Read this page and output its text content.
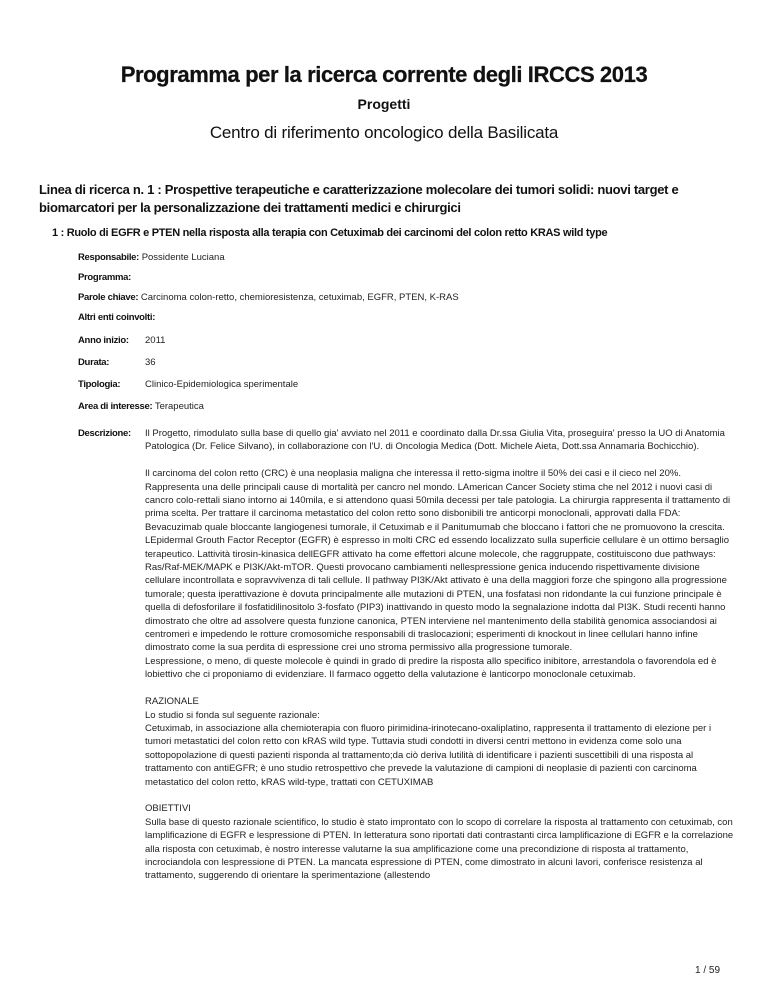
Programma per la ricerca corrente degli IRCCS 2013
Progetti
Centro di riferimento oncologico della Basilicata
Linea di ricerca n. 1 : Prospettive terapeutiche e caratterizzazione molecolare dei tumori solidi: nuovi target e biomarcatori per la personalizzazione dei trattamenti medici e chirurgici
1 : Ruolo di EGFR e PTEN nella risposta alla terapia con Cetuximab dei carcinomi del colon retto KRAS wild type
Responsabile: Possidente Luciana
Programma:
Parole chiave: Carcinoma colon-retto, chemioresistenza, cetuximab, EGFR, PTEN, K-RAS
Altri enti coinvolti:
Anno inizio: 2011
Durata:	36
Tipologia:	Clinico-Epidemiologica sperimentale
Area di interesse: Terapeutica
Descrizione: Il Progetto, rimodulato sulla base di quello gia' avviato nel 2011 e coordinato dalla Dr.ssa Giulia Vita, proseguira' presso la UO di Anatomia Patologica (Dr. Felice Silvano), in collaborazione con l'U. di Oncologia Medica (Dott. Michele Aieta, Dott.ssa Annamaria Bochicchio).

Il carcinoma del colon retto (CRC) è una neoplasia maligna che interessa il retto-sigma inoltre il 50% dei casi e il cieco nel 20%. Rappresenta una delle principali cause di mortalità per cancro nel mondo. LAmerican Cancer Society stima che nel 2012 i nuovi casi di cancro colo-rettali siano intorno ai 140mila, e si attendono quasi 50mila decessi per tale patologia. La chirurgia rappresenta il trattamento di prima scelta. Per trattare il carcinoma metastatico del colon retto sono disbonibili tre anticorpi monoclonali, approvati dalla FDA: Bevacuzimab quale bloccante langiogenesi tumorale, il Cetuximab e il Panitumumab che bloccano i fattori che ne promuovono la crescita.
LEpidermal Grouth Factor Receptor (EGFR) è espresso in molti CRC ed essendo localizzato sulla superficie cellulare è un ottimo bersaglio terapeutico. Lattività tirosin-kinasica dellEGFR attivato ha come effettori alcune molecole, che raggruppate, costituiscono due pathways: Ras/Raf-MEK/MAPK e PI3K/Akt-mTOR. Questi provocano cambiamenti nellespressione genica inducendo rispettivamente divisione cellulare incontrollata e sopravvivenza di tali cellule. Il pathway PI3K/Akt attivato è una della maggiori forze che spingono alla progressione tumorale; questa iperattivazione è dovuta principalmente alle mutazioni di PTEN, una fosfatasi non ridondante la cui funzione principale è quella di defosforilare il fosfatidilinositolo 3-fosfato (PIP3) inattivando in questo modo la segnalazione indotta dal PI3K. Studi recenti hanno dimostrato che oltre ad assolvere questa funzione canonica, PTEN interviene nel mantenimento della stabilità genomica associandosi ai centromeri e impedendo le rotture cromosomiche responsabili di traslocazioni; esperimenti di knockout in linee cellulari hanno infine dimostrato come la sua perdita di espressione crei uno stroma permissivo alla progressione tumorale.
Lespressione, o meno, di queste molecole è quindi in grado di predire la risposta allo specifico inibitore, arrestandola o favorendola ed è lobiettivo che ci proponiamo di evidenziare. Il farmaco oggetto della valutazione è lanticorpo monoclonale cetuximab.

RAZIONALE
Lo studio si fonda sul seguente razionale:
Cetuximab, in associazione alla chemioterapia con fluoro pirimidina-irinotecano-oxaliplatino, rappresenta il trattamento di elezione per i tumori metastatici del colon retto con kRAS wild type. Tuttavia studi condotti in diversi centri mettono in evidenza come solo una sottopopolazione di questi pazienti risponda al trattamento;da ciò deriva lutilità di identificare i pazienti suscettibili di una risposta al trattamento con antiEGFR; è uno studio retrospettivo che prevede la valutazione di campioni di neoplasie di pazienti con carcinoma metastatico del colon retto, kRAS wild-type, trattati con CETUXIMAB

OBIETTIVI
Sulla base di questo razionale scientifico, lo studio è stato improntato con lo scopo di correlare la risposta al trattamento con cetuximab, con lamplificazione di EGFR e lespressione di PTEN. In letteratura sono riportati dati contrastanti circa lamplificazione di EGFR e la correlazione alla risposta con cetuximab, è nostro interesse valutarne la sua amplificazione come una precondizione di risposta al trattamento, incrociandola con lespressione di PTEN. La mancata espressione di PTEN, come dimostrato in alcuni lavori, conferisce resistenza al trattamento, suggerendo di orientare la sperimentazione (allestendo

1 / 59
